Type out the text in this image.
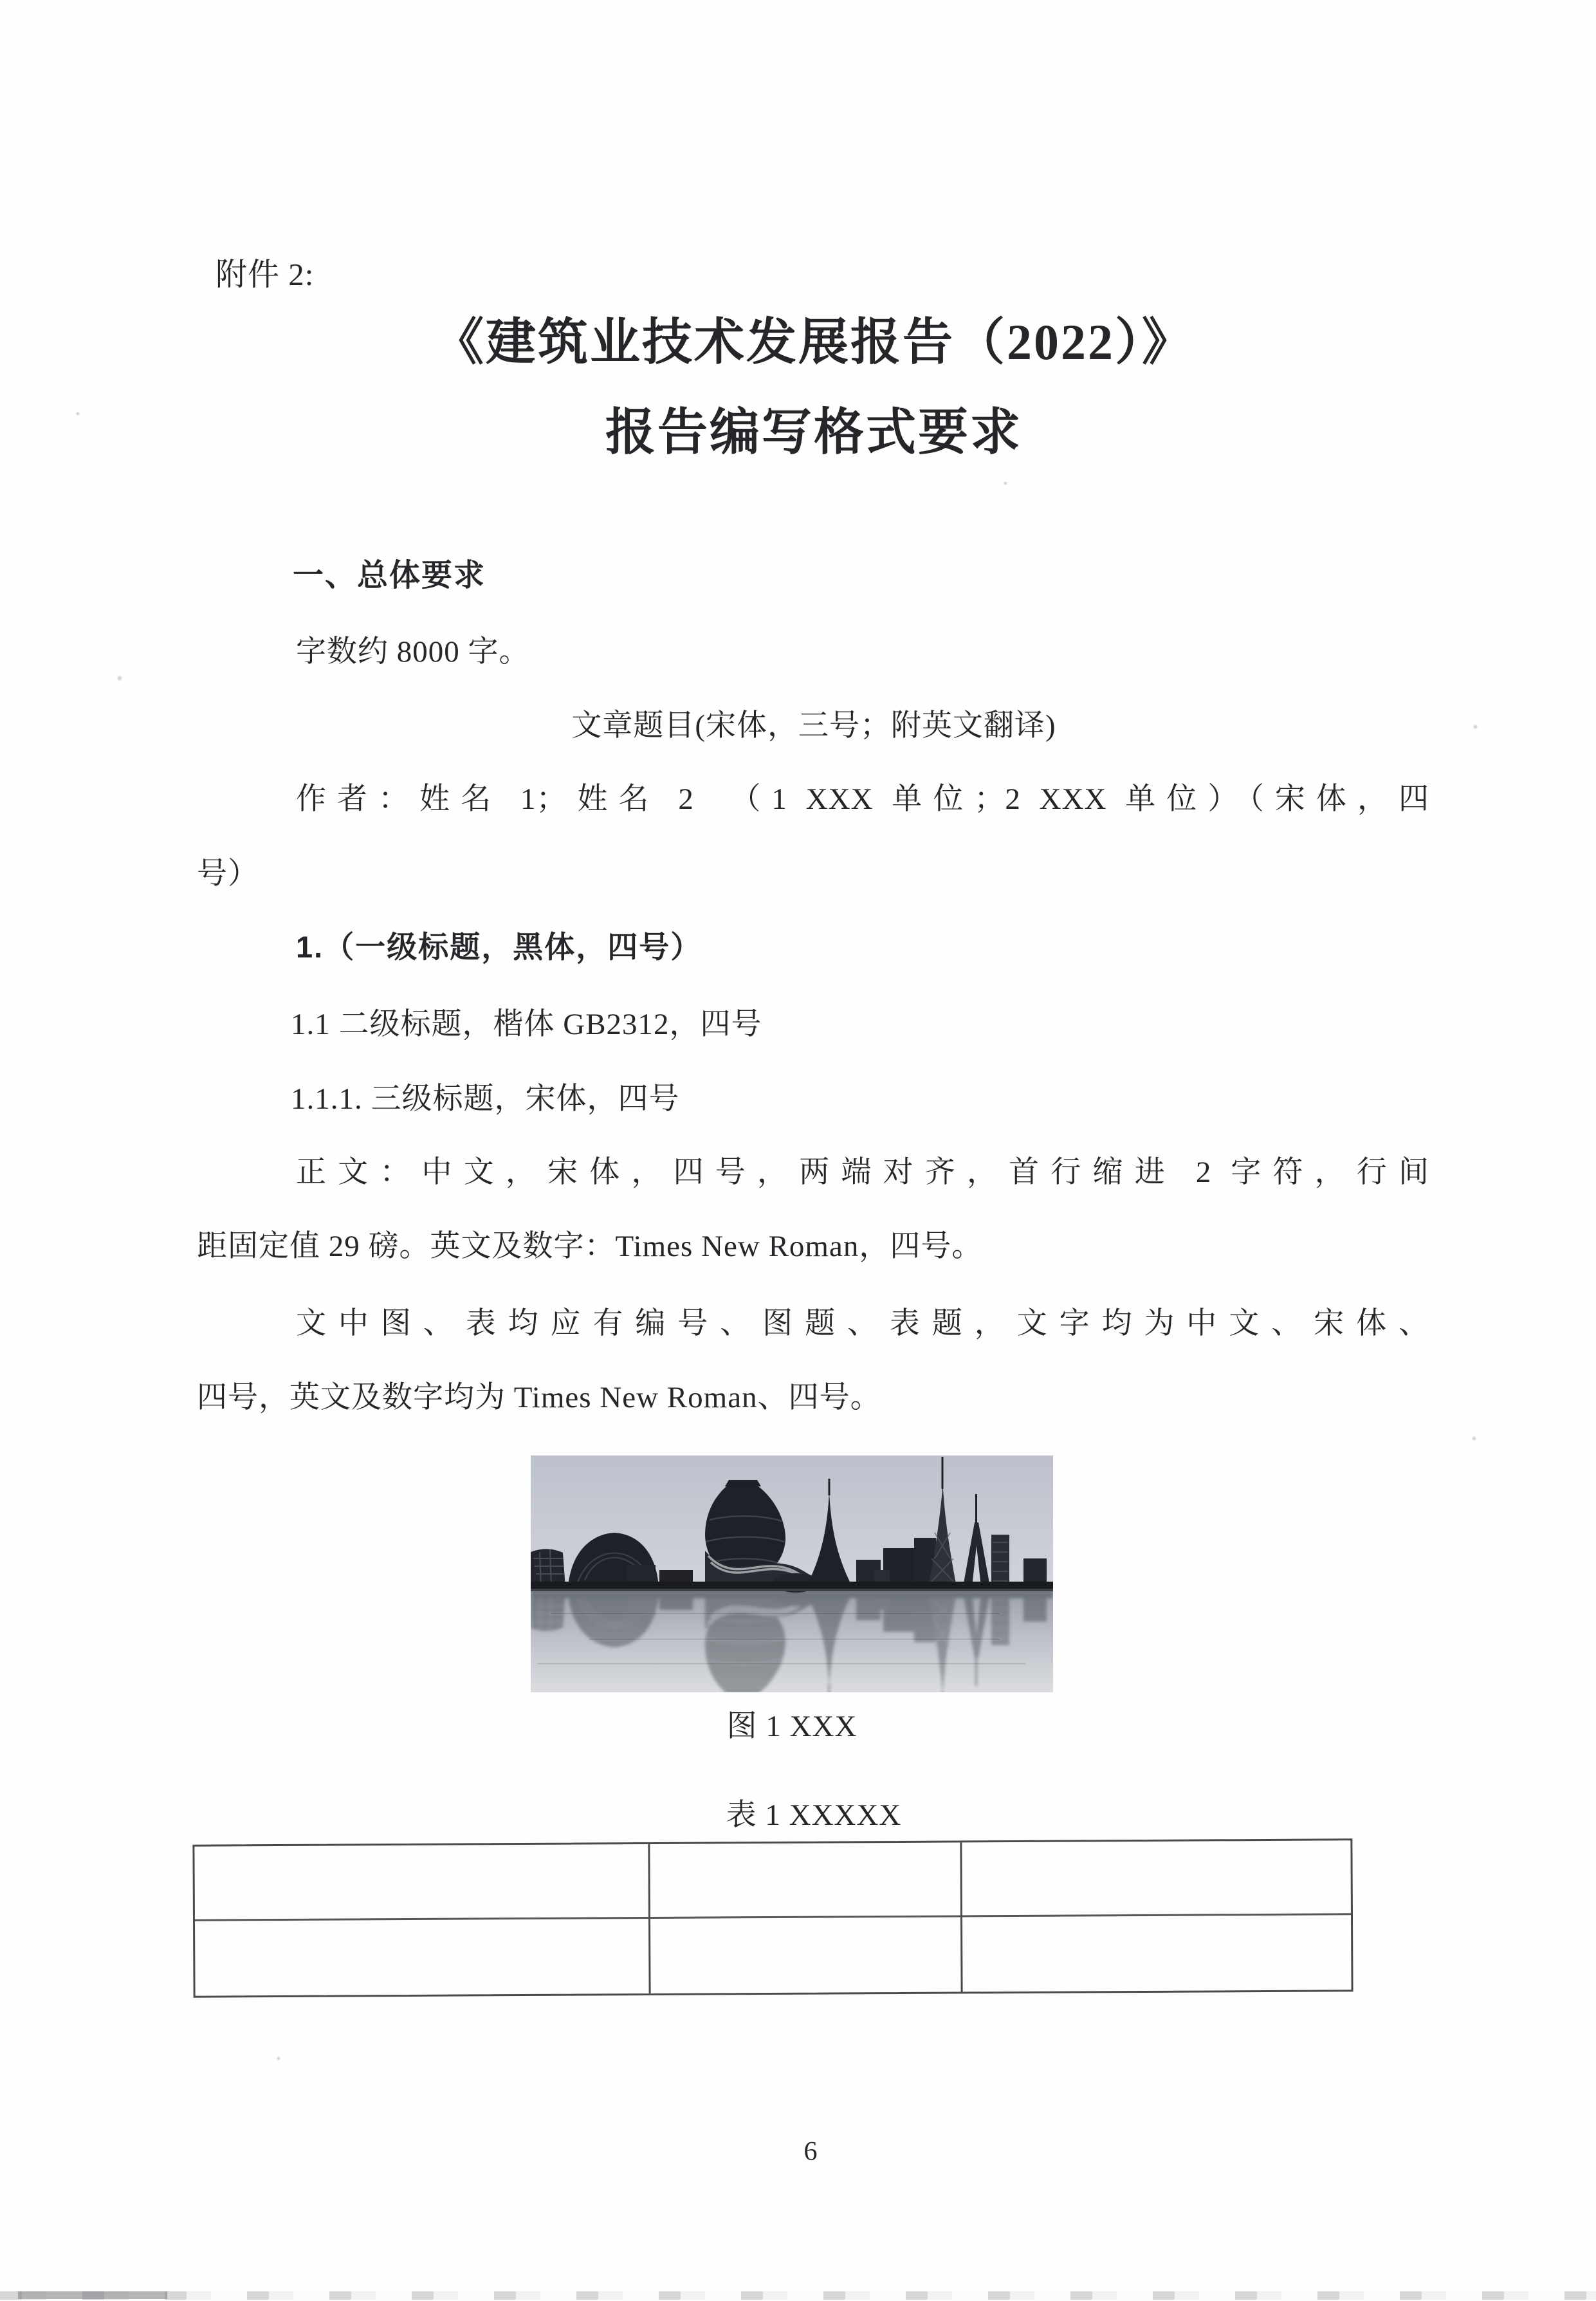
附件 2:
《建筑业技术发展报告（2022）》
报告编写格式要求
一、总体要求
字数约 8000 字。
文章题目(宋体，三号；附英文翻译)
作者：姓名 1；姓名 2　（1 XXX 单位；2 XXX 单位）（宋体，四
号）
1.（一级标题，黑体，四号）
1.1 二级标题，楷体 GB2312，四号
1.1.1. 三级标题，宋体，四号
正文：中文，宋体，四号，两端对齐，首行缩进 2 字符，行间
距固定值 29 磅。英文及数字：Times New Roman，四号。
文中图、表均应有编号、图题、表题，文字均为中文、宋体、
四号，英文及数字均为 Times New Roman、四号。
图 1 XXX
表 1 XXXXX
6
